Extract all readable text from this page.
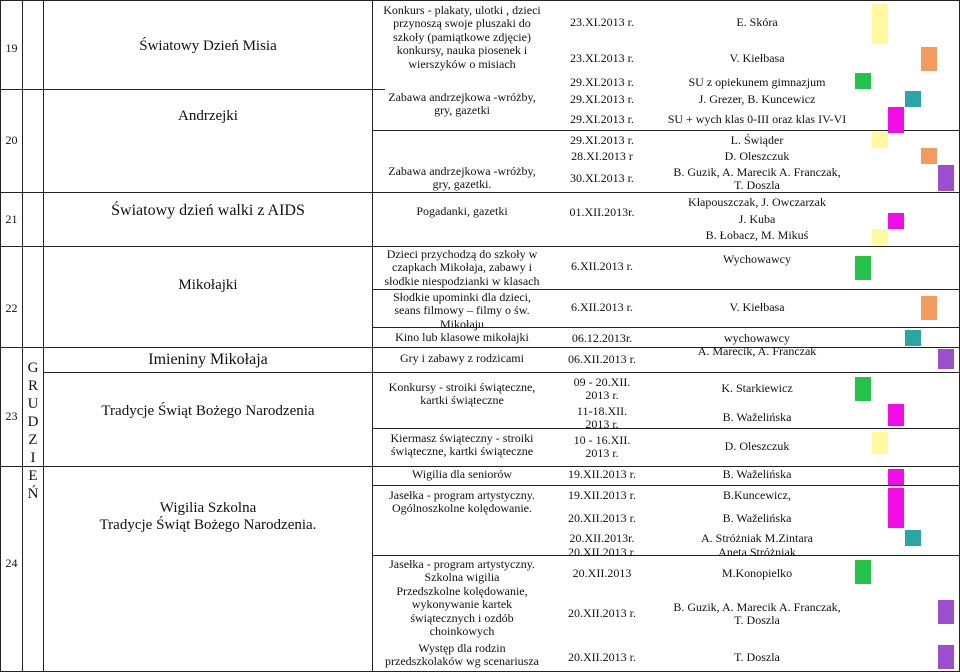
19
20
21
22
23
24
G
R
U
D
Z
I
E
Ń
Światowy Dzień Misia
Andrzejki
Światowy dzień walki z AIDS
Mikołajki
Imieniny Mikołaja
Tradycje Świąt Bożego Narodzenia
Wigilia Szkolna
Tradycje Świąt Bożego Narodzenia.
Konkurs - plakaty, ulotki , dzieci
przynoszą swoje pluszaki do
szkoły (pamiątkowe zdjęcie)
konkursy, nauka piosenek i
wierszyków o misiach
Zabawa andrzejkowa -wróżby,
gry, gazetki
Zabawa andrzejkowa -wróżby,
gry, gazetki.
Pogadanki, gazetki
Dzieci przychodzą do szkoły w
czapkach Mikołaja, zabawy i
słodkie niespodzianki w klasach
Słodkie upominki dla dzieci,
seans filmowy – filmy o św.
Mikołaju
Kino lub klasowe mikołajki
Gry i zabawy z rodzicami
Konkursy - stroiki świąteczne,
kartki świąteczne
Kiermasz świąteczny - stroiki
świąteczne, kartki świąteczne
Wigilia dla seniorów
Jasełka - program artystyczny.
Ogólnoszkolne kolędowanie.
Jasełka - program artystyczny.
Szkolna wigilia
Przedszkolne kolędowanie,
wykonywanie kartek
świątecznych i ozdób
choinkowych
Występ dla rodzin
przedszkolaków wg scenariusza
23.XI.2013 r.
23.XI.2013 r.
29.XI.2013 r.
29.XI.2013 r.
29.XI.2013 r.
29.XI.2013 r.
28.XI.2013 r
30.XI.2013 r.
01.XII.2013r.
6.XII.2013 r.
6.XII.2013 r.
06.12.2013r.
06.XII.2013 r.
09 - 20.XII.
2013 r.
11-18.XII.
2013 r.
10 - 16.XII.
2013 r.
19.XII.2013 r.
19.XII.2013 r.
20.XII.2013 r.
20.XII.2013r.
20.XII.2013 r.
20.XII.2013
20.XII.2013 r.
20.XII.2013 r.
E. Skóra
V. Kiełbasa
SU z opiekunem gimnazjum
J. Grezer, B. Kuncewicz
SU + wych klas 0-III oraz klas IV-VI
L. Świąder
D. Oleszczuk
B. Guzik, A. Marecik A. Franczak,
T. Doszla
Kłapouszczak, J. Owczarzak
J. Kuba
B. Łobacz, M. Mikuś
Wychowawcy
V. Kiełbasa
wychowawcy
A. Marecik, A. Franczak
K. Starkiewicz
B. Waželińska
D. Oleszczuk
B. Waželińska
B.Kuncewicz,
B. Waželińska
A. Stróżniak M.Zintara
Aneta Stróżniak
M.Konopielko
B. Guzik, A. Marecik A. Franczak,
T. Doszla
T. Doszla
